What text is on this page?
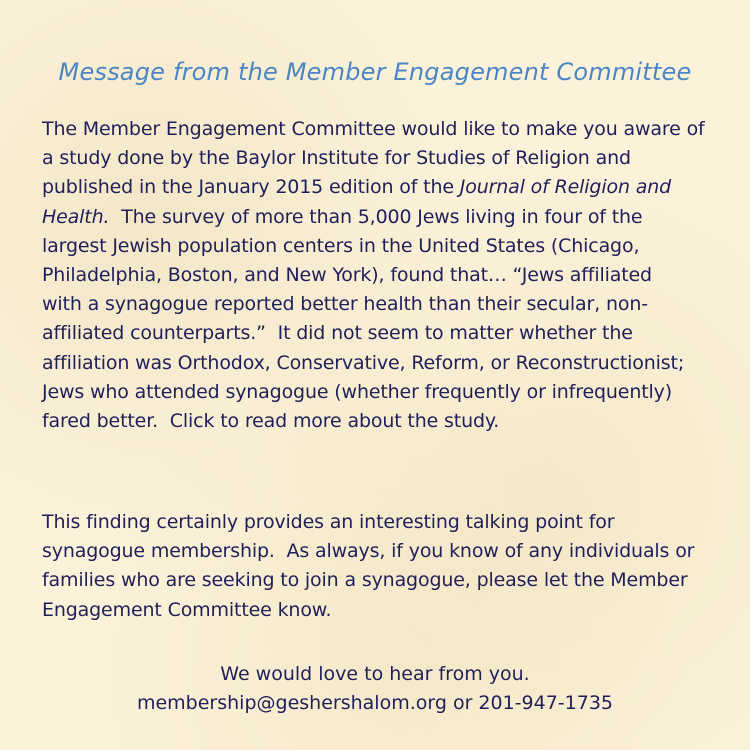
Message from the Member Engagement Committee
The Member Engagement Committee would like to make you aware of
a study done by the Baylor Institute for Studies of Religion and
published in the January 2015 edition of the Journal of Religion and
Health.  The survey of more than 5,000 Jews living in four of the
largest Jewish population centers in the United States (Chicago,
Philadelphia, Boston, and New York), found that… “Jews affiliated
with a synagogue reported better health than their secular, non-
affiliated counterparts.”  It did not seem to matter whether the
affiliation was Orthodox, Conservative, Reform, or Reconstructionist;
Jews who attended synagogue (whether frequently or infrequently)
fared better.  Click to read more about the study.
This finding certainly provides an interesting talking point for
synagogue membership.  As always, if you know of any individuals or
families who are seeking to join a synagogue, please let the Member
Engagement Committee know.
We would love to hear from you.
membership@geshershalom.org or 201-947-1735
